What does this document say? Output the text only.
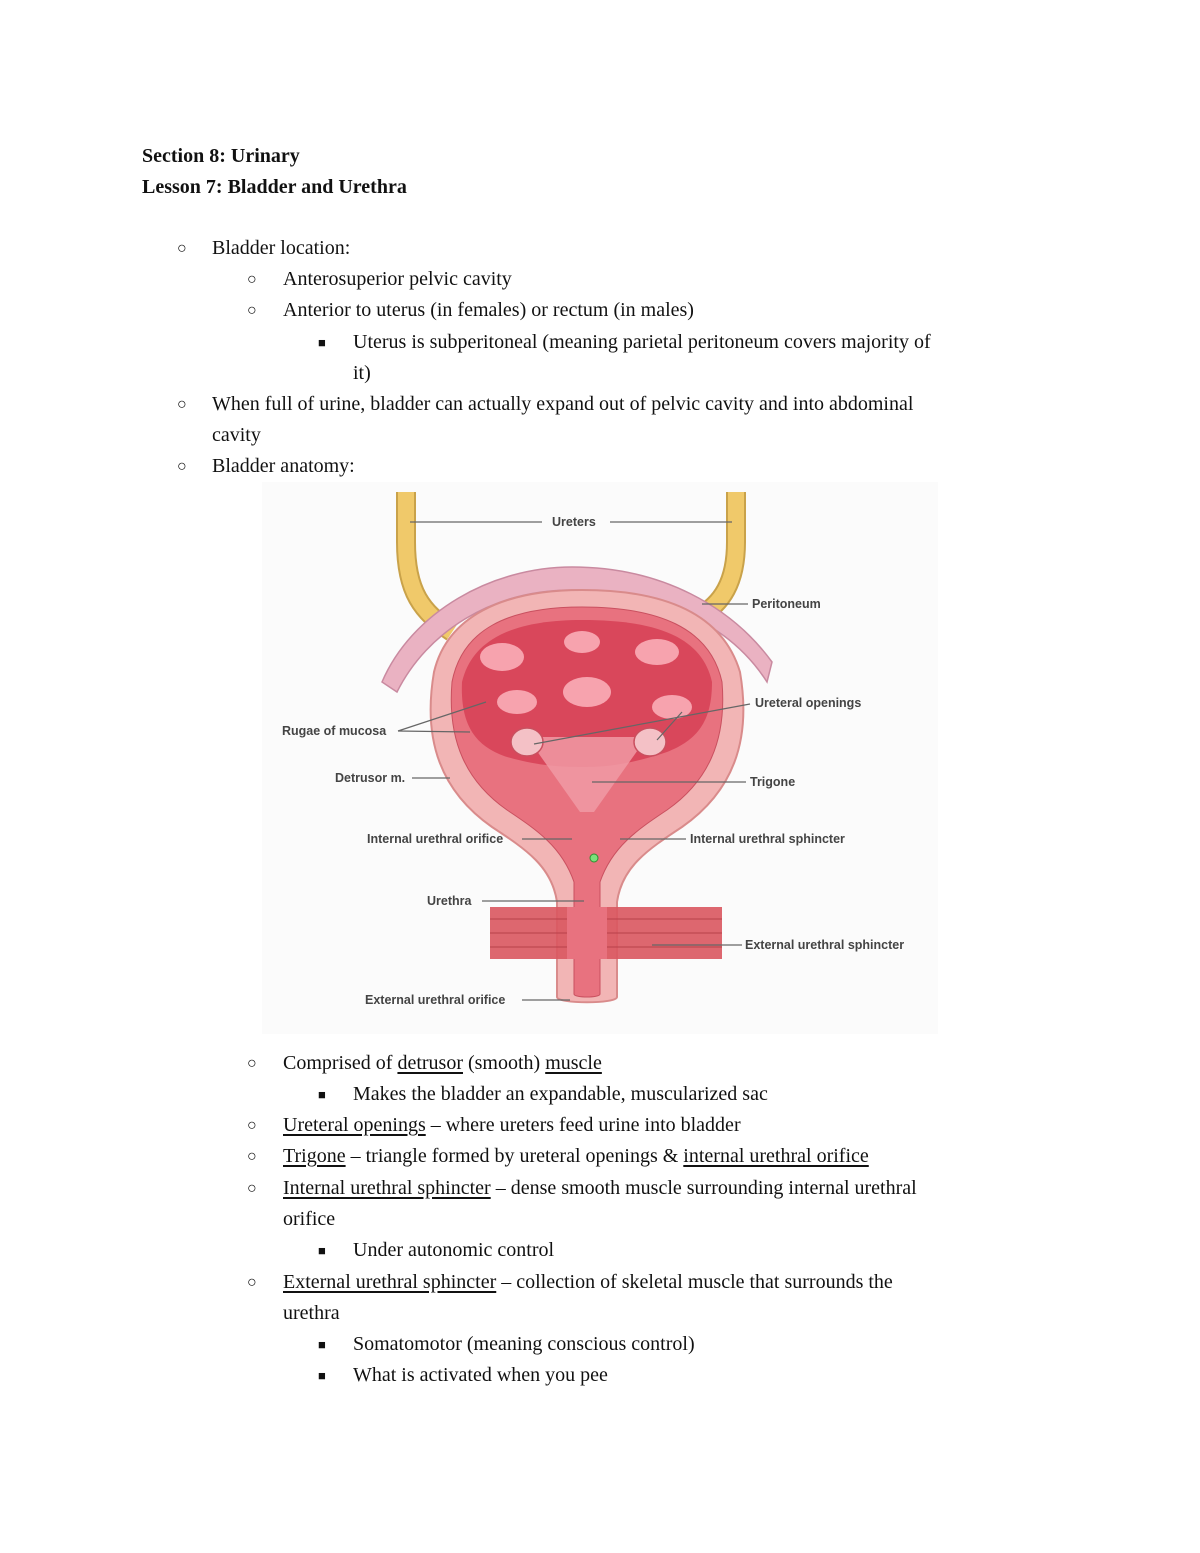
Section 8: Urinary
Lesson 7: Bladder and Urethra
○ Bladder location:
○ Anterosuperior pelvic cavity
○ Anterior to uterus (in females) or rectum (in males)
■ Uterus is subperitoneal (meaning parietal peritoneum covers majority of
it)
○ When full of urine, bladder can actually expand out of pelvic cavity and into abdominal
cavity
○ Bladder anatomy:
Ureters
Peritoneum
Ureteral openings
Rugae of mucosa
Detrusor m.	Trigone
Internal urethral orifice	Internal urethral sphincter
Urethra
External urethral sphincter
External urethral orifice
○ Comprised of detrusor (smooth) muscle
■ Makes the bladder an expandable, muscularized sac
○ Ureteral openings – where ureters feed urine into bladder
○ Trigone – triangle formed by ureteral openings & internal urethral orifice
○ Internal urethral sphincter – dense smooth muscle surrounding internal urethral
orifice
■ Under autonomic control
○ External urethral sphincter – collection of skeletal muscle that surrounds the
urethra
■ Somatomotor (meaning conscious control)
■ What is activated when you pee
